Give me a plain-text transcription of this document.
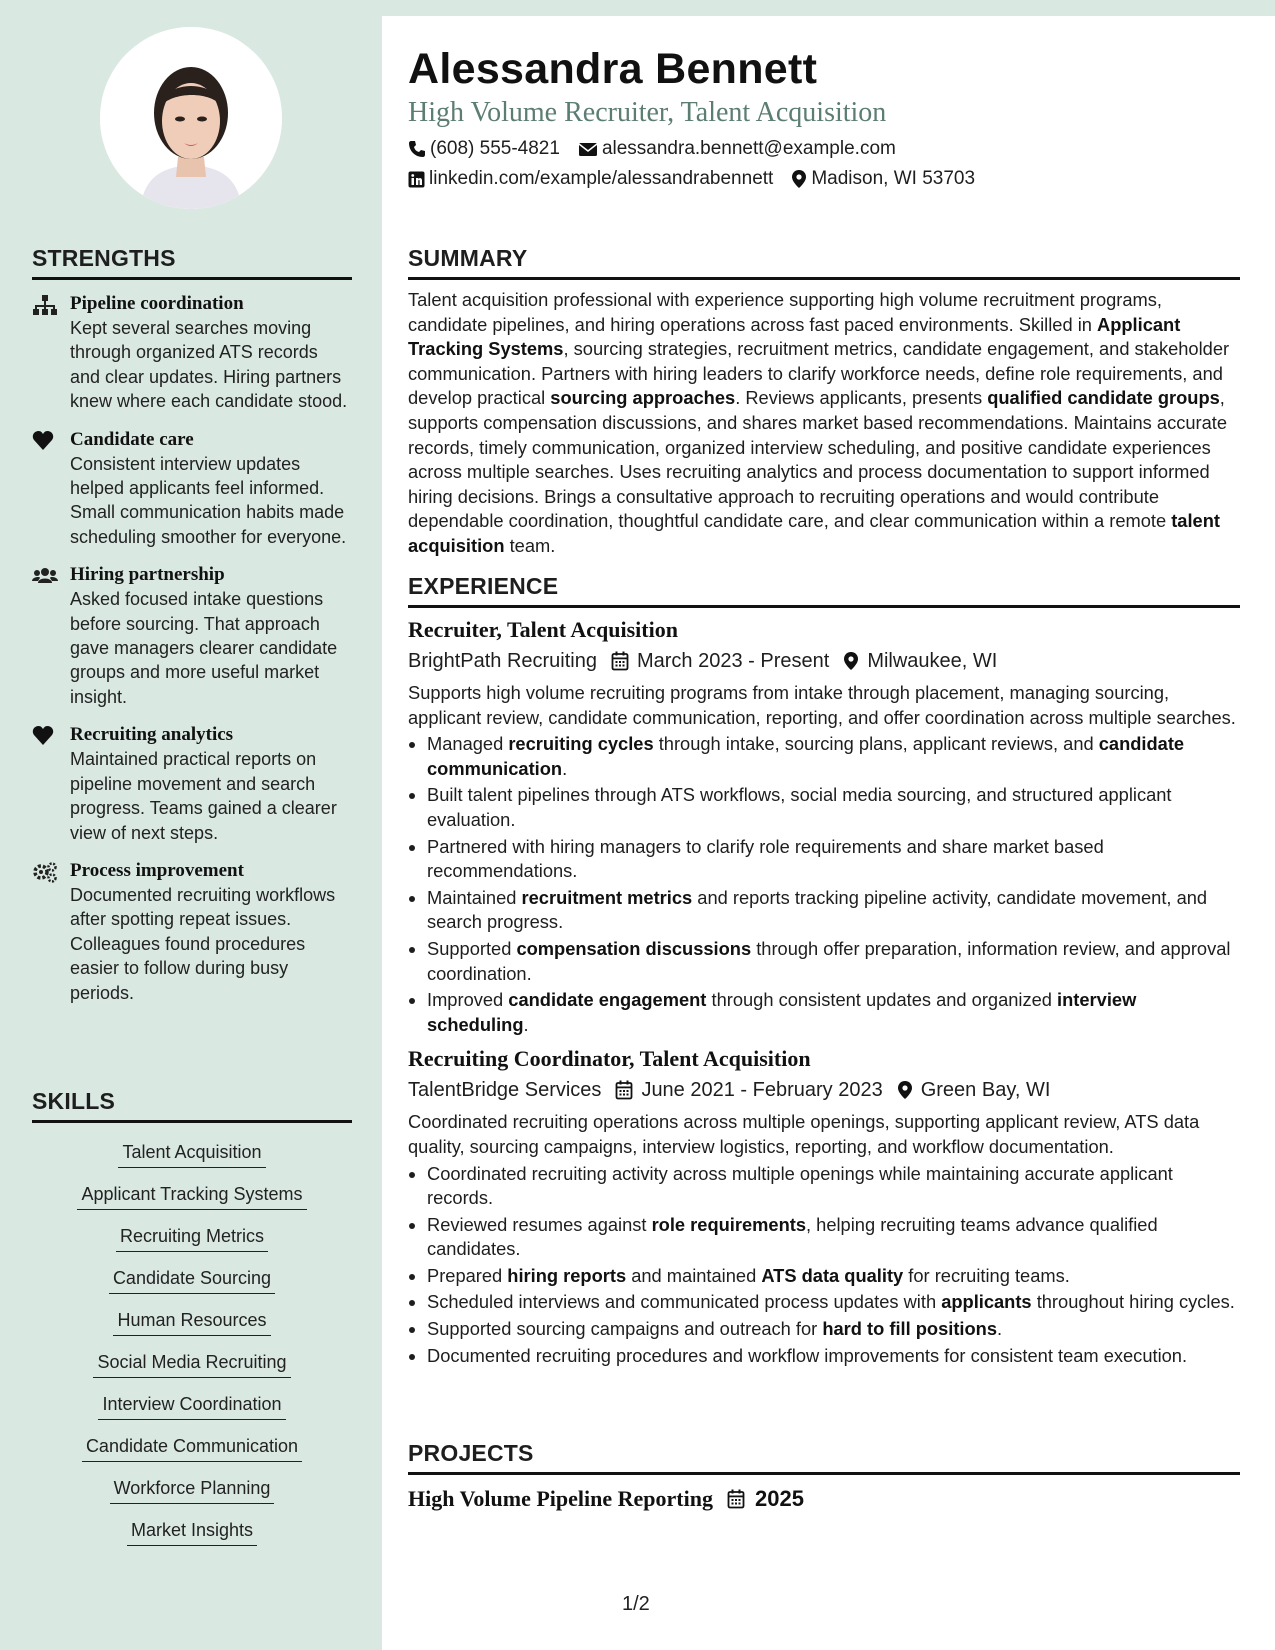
STRENGTHS
Pipeline coordination
Kept several searches moving through organized ATS records and clear updates. Hiring partners knew where each candidate stood.
Candidate care
Consistent interview updates helped applicants feel informed. Small communication habits made scheduling smoother for everyone.
Hiring partnership
Asked focused intake questions before sourcing. That approach gave managers clearer candidate groups and more useful market insight.
Recruiting analytics
Maintained practical reports on pipeline movement and search progress. Teams gained a clearer view of next steps.
Process improvement
Documented recruiting workflows after spotting repeat issues. Colleagues found procedures easier to follow during busy periods.
SKILLS
Talent Acquisition
Applicant Tracking Systems
Recruiting Metrics
Candidate Sourcing
Human Resources
Social Media Recruiting
Interview Coordination
Candidate Communication
Workforce Planning
Market Insights
Alessandra Bennett
High Volume Recruiter, Talent Acquisition
(608) 555-4821 alessandra.bennett@example.com
linkedin.com/example/alessandrabennett Madison, WI 53703
SUMMARY

Talent acquisition professional with experience supporting high volume recruitment programs, candidate pipelines, and hiring operations across fast paced environments. Skilled in Applicant Tracking Systems, sourcing strategies, recruitment metrics, candidate engagement, and stakeholder communication. Partners with hiring leaders to clarify workforce needs, define role requirements, and develop practical sourcing approaches. Reviews applicants, presents qualified candidate groups, supports compensation discussions, and shares market based recommendations. Maintains accurate records, timely communication, organized interview scheduling, and positive candidate experiences across multiple searches. Uses recruiting analytics and process documentation to support informed hiring decisions. Brings a consultative approach to recruiting operations and would contribute dependable coordination, thoughtful candidate care, and clear communication within a remote talent acquisition team.

EXPERIENCE
Recruiter, Talent Acquisition
BrightPath Recruiting March 2023 - Present Milwaukee, WI

Supports high volume recruiting programs from intake through placement, managing sourcing, applicant review, candidate communication, reporting, and offer coordination across multiple searches.

• Managed recruiting cycles through intake, sourcing plans, applicant reviews, and candidate communication.
• Built talent pipelines through ATS workflows, social media sourcing, and structured applicant evaluation.
• Partnered with hiring managers to clarify role requirements and share market based recommendations.
• Maintained recruitment metrics and reports tracking pipeline activity, candidate movement, and search progress.
• Supported compensation discussions through offer preparation, information review, and approval coordination.
• Improved candidate engagement through consistent updates and organized interview scheduling.
Recruiting Coordinator, Talent Acquisition
TalentBridge Services June 2021 - February 2023 Green Bay, WI

Coordinated recruiting operations across multiple openings, supporting applicant review, ATS data quality, sourcing campaigns, interview logistics, reporting, and workflow documentation.

• Coordinated recruiting activity across multiple openings while maintaining accurate applicant records.
• Reviewed resumes against role requirements, helping recruiting teams advance qualified candidates.
• Prepared hiring reports and maintained ATS data quality for recruiting teams.
• Scheduled interviews and communicated process updates with applicants throughout hiring cycles.
• Supported sourcing campaigns and outreach for hard to fill positions.
• Documented recruiting procedures and workflow improvements for consistent team execution.
PROJECTS
High Volume Pipeline Reporting 2025
1/2
